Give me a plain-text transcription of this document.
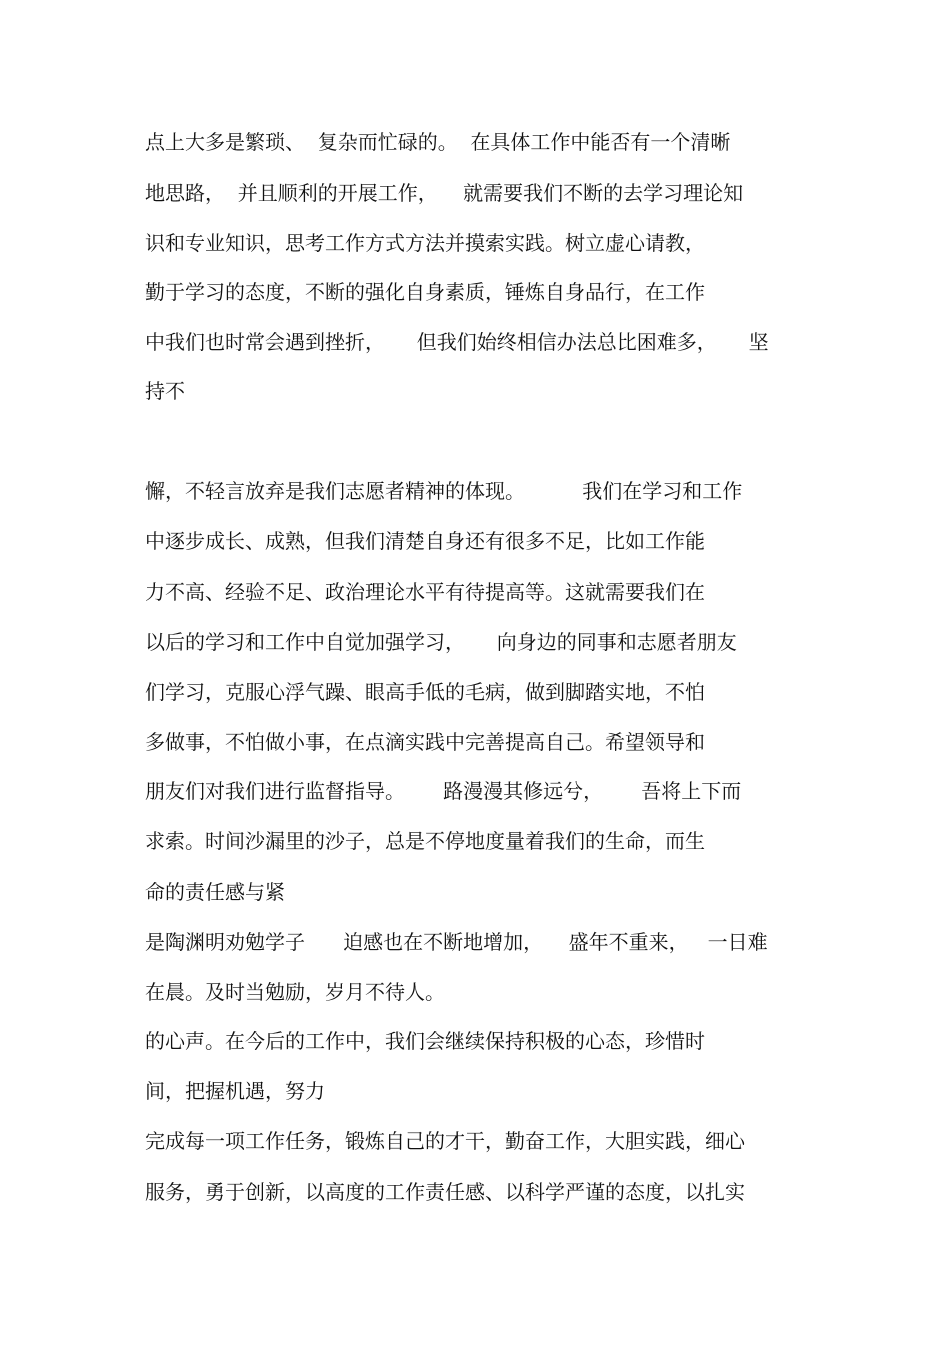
点上大多是繁琐、  复杂而忙碌的。  在具体工作中能否有一个清晰
地思路，  并且顺利的开展工作，    就需要我们不断的去学习理论知
识和专业知识，思考工作方式方法并摸索实践。树立虚心请教，
勤于学习的态度，不断的强化自身素质，锤炼自身品行，在工作
中我们也时常会遇到挫折，     但我们始终相信办法总比困难多，     坚
持不
懈，不轻言放弃是我们志愿者精神的体现。         我们在学习和工作
中逐步成长、成熟，但我们清楚自身还有很多不足，比如工作能
力不高、经验不足、政治理论水平有待提高等。这就需要我们在
以后的学习和工作中自觉加强学习，     向身边的同事和志愿者朋友
们学习，克服心浮气躁、眼高手低的毛病，做到脚踏实地，不怕
多做事，不怕做小事，在点滴实践中完善提高自己。希望领导和
朋友们对我们进行监督指导。      路漫漫其修远兮，      吾将上下而
求索。时间沙漏里的沙子，总是不停地度量着我们的生命，而生
命的责任感与紧
是陶渊明劝勉学子      迫感也在不断地增加，    盛年不重来，   一日难
在晨。及时当勉励，岁月不待人。
的心声。在今后的工作中，我们会继续保持积极的心态，珍惜时
间，把握机遇，努力
完成每一项工作任务，锻炼自己的才干，勤奋工作，大胆实践，细心
服务，勇于创新，以高度的工作责任感、以科学严谨的态度，以扎实
